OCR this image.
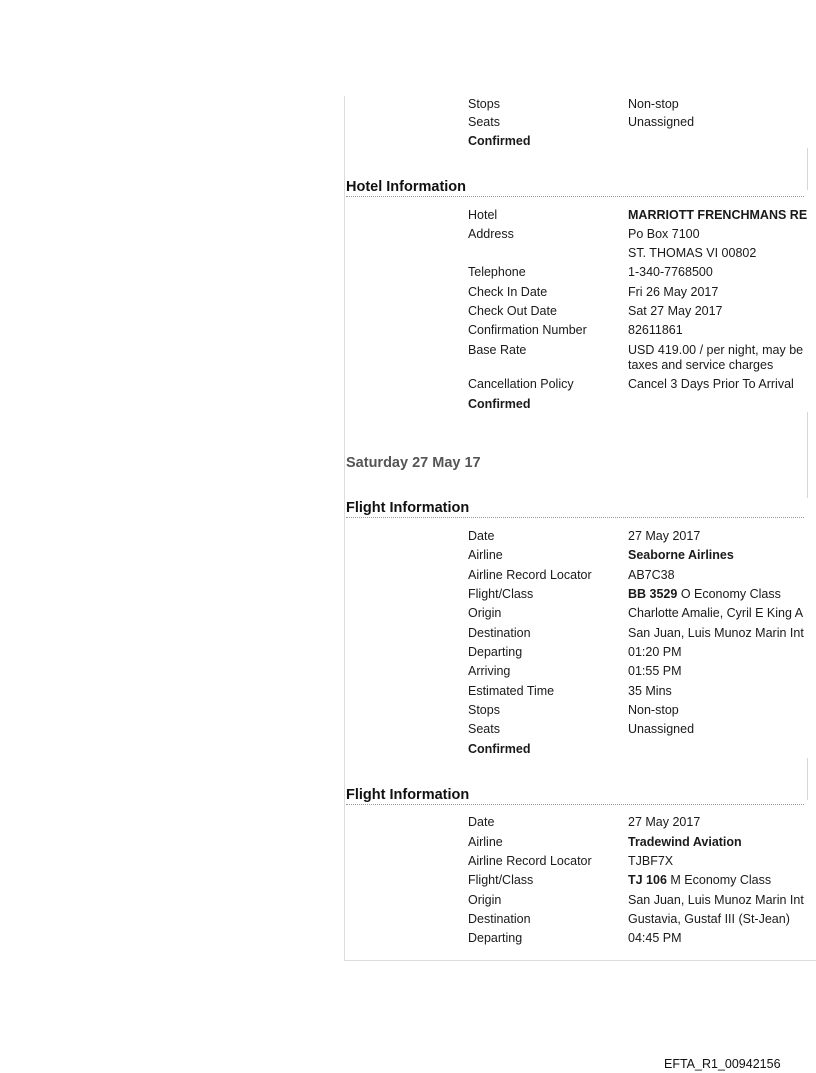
Stops	Non-stop
Seats	Unassigned
Confirmed
Hotel Information
Hotel	MARRIOTT FRENCHMANS RE
Address	Po Box 7100
ST. THOMAS VI 00802
Telephone	1-340-7768500
Check In Date	Fri 26 May 2017
Check Out Date	Sat 27 May 2017
Confirmation Number	82611861
Base Rate	USD 419.00 / per night, may be
taxes and service charges
Cancellation Policy	Cancel 3 Days Prior To Arrival
Confirmed
Saturday 27 May 17
Flight Information
Date	27 May 2017
Airline	Seaborne Airlines
Airline Record Locator	AB7C38
Flight/Class	BB 3529 O Economy Class
Origin	Charlotte Amalie, Cyril E King A
Destination	San Juan, Luis Munoz Marin Int
Departing	01:20 PM
Arriving	01:55 PM
Estimated Time	35 Mins
Stops	Non-stop
Seats	Unassigned
Confirmed
Flight Information
Date	27 May 2017
Airline	Tradewind Aviation
Airline Record Locator	TJBF7X
Flight/Class	TJ 106 M Economy Class
Origin	San Juan, Luis Munoz Marin Int
Destination	Gustavia, Gustaf III (St-Jean)
Departing	04:45 PM
EFTA_R1_00942156
